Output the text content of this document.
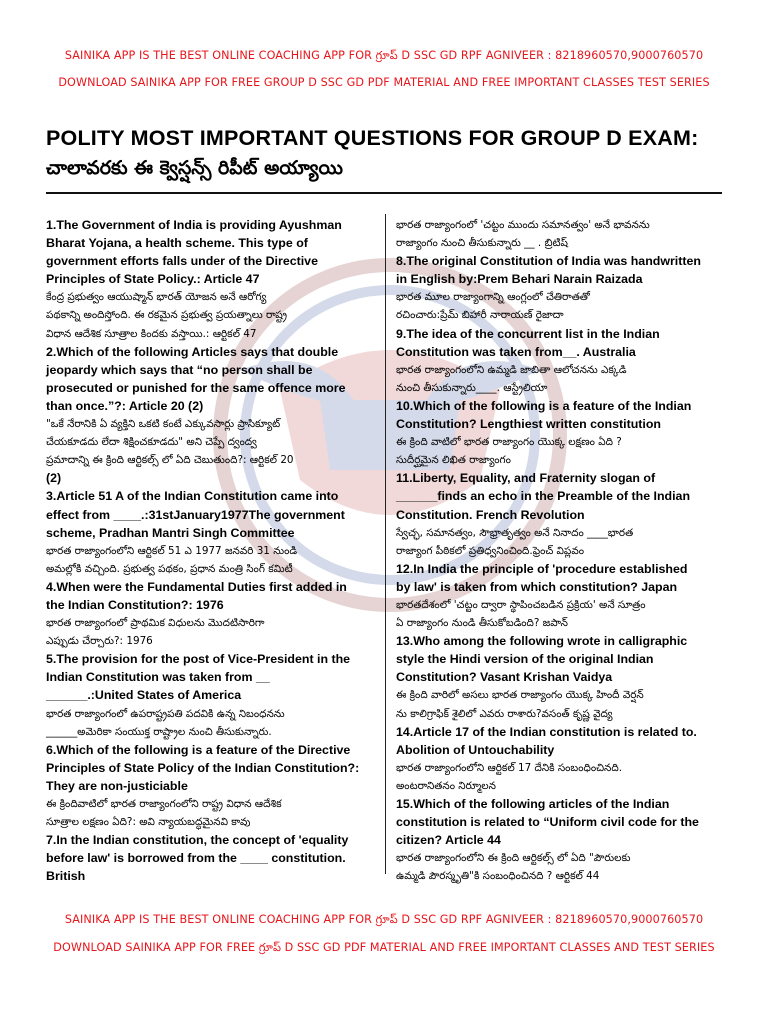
SAINIKA APP IS THE BEST ONLINE COACHING APP FOR గ్రూప్ D SSC GD RPF AGNIVEER : 8218960570,9000760570
DOWNLOAD SAINIKA APP FOR FREE GROUP D SSC GD PDF MATERIAL AND FREE IMPORTANT CLASSES TEST SERIES
POLITY MOST IMPORTANT QUESTIONS FOR GROUP D EXAM:
చాలావరకు ఈ క్వెస్షన్స్ రిపీట్ అయ్యాయి

1.The Government of India is providing Ayushman

Bharat Yojana, a health scheme. This type of

government efforts falls under of the Directive

Principles of State Policy.: Article 47

కేంద్ర ప్రభుత్వం ఆయుష్మాన్ భారత్ యోజన అనే ఆరోగ్య

పథకాన్ని అందిస్తోంది. ఈ రకమైన ప్రభుత్వ ప్రయత్నాలు రాష్ట్ర

విధాన ఆదేశిక సూత్రాల కిందకు వస్తాయి.: ఆర్టికల్ 47

2.Which of the following Articles says that double

jeopardy which says that “no person shall be

prosecuted or punished for the same offence more

than once.”?: Article 20 (2)

"ఒకే నేరానికి ఏ వ్యక్తిని ఒకటి కంటే ఎక్కువసార్లు ప్రాసిక్యూట్

చేయకూడదు లేదా శిక్షించకూడదు" అని చెప్పే ద్వంద్వ

ప్రమాదాన్ని ఈ క్రింది ఆర్టికల్స్ లో ఏది చెబుతుంది?: ఆర్టికల్ 20

(2)

3.Article 51 A of the Indian Constitution came into

effect from ____.:31stJanuary1977The government

scheme, Pradhan Mantri Singh Committee

భారత రాజ్యాంగంలోని ఆర్టికల్ 51 ఎ 1977 జనవరి 31 నుండి

అమల్లోకి వచ్చింది. ప్రభుత్వ పథకం, ప్రధాన మంత్రి సింగ్ కమిటీ

4.When were the Fundamental Duties first added in

the Indian Constitution?: 1976

భారత రాజ్యాంగంలో ప్రాథమిక విధులను మొదటిసారిగా

ఎప్పుడు చేర్చారు?: 1976

5.The provision for the post of Vice-President in the

Indian Constitution was taken from __

______.:United States of America

భారత రాజ్యాంగంలో ఉపరాష్ట్రపతి పదవికి ఉన్న నిబంధనను

______అమెరికా సంయుక్త రాష్ట్రాల నుంచి తీసుకున్నారు.

6.Which of the following is a feature of the Directive

Principles of State Policy of the Indian Constitution?:

They are non-justiciable

ఈ క్రిందివాటిలో భారత రాజ్యాంగంలోని రాష్ట్ర విధాన ఆదేశిక

సూత్రాల లక్షణం ఏది?: అవి న్యాయబద్ధమైనవి కావు

7.In the Indian constitution, the concept of 'equality

before law' is borrowed from the ____ constitution.

British

భారత రాజ్యాంగంలో 'చట్టం ముందు సమానత్వం' అనే భావనను

రాజ్యాంగం నుంచి తీసుకున్నారు __ . బ్రిటిష్

8.The original Constitution of India was handwritten

in English by:Prem Behari Narain Raizada

భారత మూల రాజ్యాంగాన్ని ఆంగ్లంలో చేతిరాతతో

రచించారు:ప్రేమ్ బిహారీ నారాయణ్ రైజాదా

9.The idea of the concurrent list in the Indian

Constitution was taken from__. Australia

భారత రాజ్యాంగంలోని ఉమ్మడి జాబితా ఆలోచనను ఎక్కడి

నుంచి తీసుకున్నారు____. ఆస్ట్రేలియా

10.Which of the following is a feature of the Indian

Constitution? Lengthiest written constitution

ఈ క్రింది వాటిలో భారత రాజ్యాంగం యొక్క లక్షణం ఏది ?

సుదీర్ఘమైన లిఖిత రాజ్యాంగం

11.Liberty, Equality, and Fraternity slogan of

______finds an echo in the Preamble of the Indian

Constitution. French Revolution

స్వేచ్ఛ, సమానత్వం, సౌభ్రాతృత్వం అనే నినాదం ____భారత

రాజ్యాంగ పీఠికలో ప్రతిధ్వనించింది.ఫ్రెంచ్ విప్లవం

12.In India the principle of 'procedure established

by law' is taken from which constitution? Japan

భారతదేశంలో 'చట్టం ద్వారా స్థాపించబడిన ప్రక్రియ' అనే సూత్రం

ఏ రాజ్యాంగం నుండి తీసుకోబడింది? జపాన్

13.Who among the following wrote in calligraphic

style the Hindi version of the original Indian

Constitution? Vasant Krishan Vaidya

ఈ క్రింది వారిలో అసలు భారత రాజ్యాంగం యొక్క హిందీ వెర్షన్

ను కాలిగ్రాఫిక్ శైలిలో ఎవరు రాశారు?వసంత్ కృష్ణ వైద్య

14.Article 17 of the Indian constitution is related to.

Abolition of Untouchability

భారత రాజ్యాంగంలోని ఆర్టికల్ 17 దేనికి సంబంధించినది.

అంటరానితనం నిర్మూలన

15.Which of the following articles of the Indian

constitution is related to “Uniform civil code for the

citizen? Article 44

భారత రాజ్యాంగంలోని ఈ క్రింది ఆర్టికల్స్ లో ఏది "పౌరులకు

ఉమ్మడి పౌరస్మృతి"కి సంబంధించినది ? ఆర్టికల్ 44

SAINIKA APP IS THE BEST ONLINE COACHING APP FOR గ్రూప్ D SSC GD RPF AGNIVEER : 8218960570,9000760570
DOWNLOAD SAINIKA APP FOR FREE గ్రూప్ D SSC GD PDF MATERIAL AND FREE IMPORTANT CLASSES AND TEST SERIES
